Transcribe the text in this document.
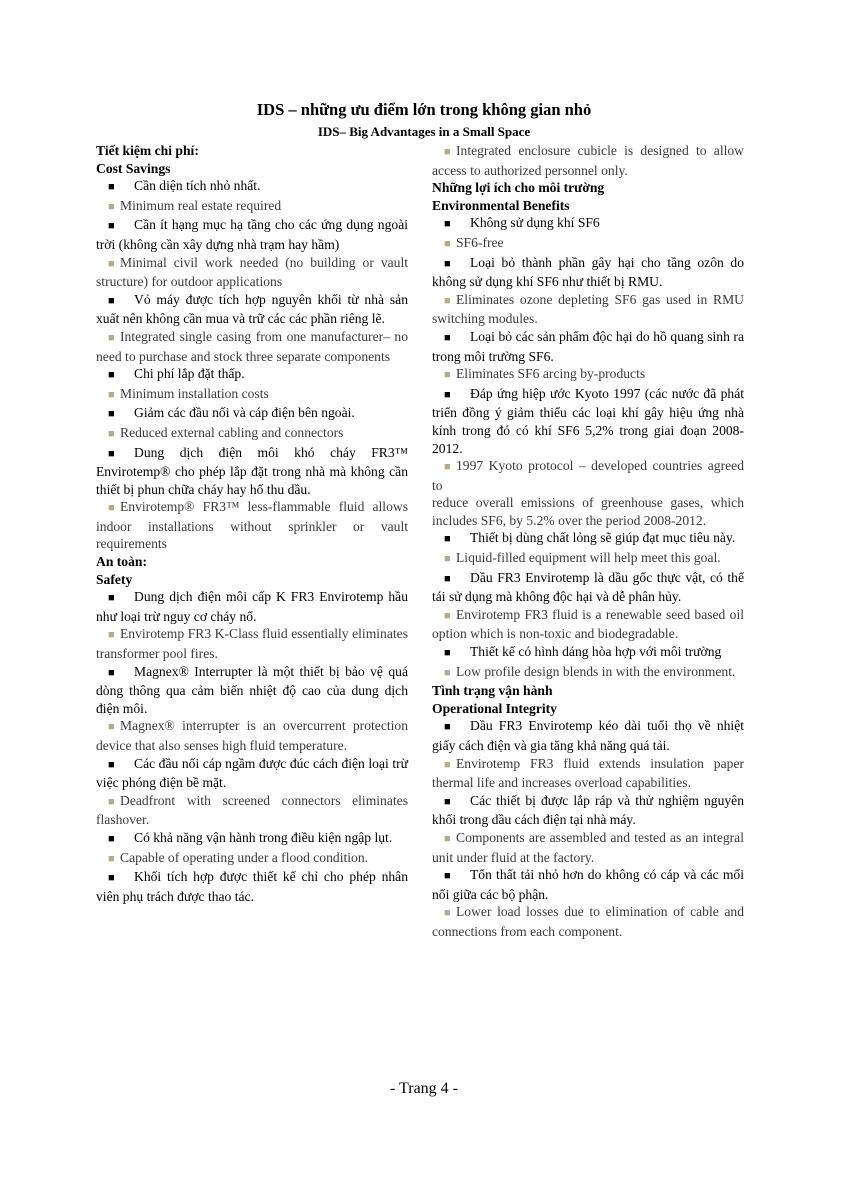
IDS – những ưu điểm lớn trong không gian nhỏ
IDS– Big Advantages in a Small Space

Tiết kiệm chi phí:

Cost Savings

■ Cần diện tích nhỏ nhất.

■ Minimum real estate required

■ Cần ít hạng mục hạ tầng cho các ứng dụng ngoài trời (không cần xây dựng nhà trạm hay hầm)

■ Minimal civil work needed (no building or vault structure) for outdoor applications

■ Vỏ máy được tích hợp nguyên khối từ nhà sản xuất nên không cần mua và trữ các các phần riêng lẽ.

■ Integrated single casing from one manufacturer– no need to purchase and stock three separate components

■ Chi phí lắp đặt thấp.

■ Minimum installation costs

■ Giảm các đầu nối và cáp điện bên ngoài.

■ Reduced external cabling and connectors

■ Dung dịch điện môi khó cháy FR3™ Envirotemp® cho phép lắp đặt trong nhà mà không cần thiết bị phun chữa cháy hay hố thu dầu.

■ Envirotemp® FR3™ less-flammable fluid allows indoor installations without sprinkler or vault requirements

An toàn:

Safety

■ Dung dịch điện môi cấp K FR3 Envirotemp hầu như loại trừ nguy cơ cháy nổ.

■ Envirotemp FR3 K-Class fluid essentially eliminates transformer pool fires.

■ Magnex® Interrupter là một thiết bị bảo vệ quá dòng thông qua cảm biến nhiệt độ cao của dung dịch điện môi.

■ Magnex® interrupter is an overcurrent protection device that also senses high fluid temperature.

■ Các đầu nối cáp ngầm được đúc cách điện loại trừ việc phóng điện bề mặt.

■ Deadfront with screened connectors eliminates flashover.

■ Có khả năng vận hành trong điều kiện ngập lụt.

■ Capable of operating under a flood condition.

■ Khối tích hợp được thiết kế chỉ cho phép nhân viên phụ trách được thao tác.

■ Integrated enclosure cubicle is designed to allow access to authorized personnel only.

Những lợi ích cho môi trường

Environmental Benefits

■ Không sử dụng khí SF6

■ SF6-free

■ Loại bỏ thành phần gây hại cho tầng ozôn do không sử dụng khí SF6 như thiết bị RMU.

■ Eliminates ozone depleting SF6 gas used in RMU switching modules.

■ Loại bỏ các sản phẩm độc hại do hồ quang sinh ra trong môi trường SF6.

■ Eliminates SF6 arcing by-products

■ Đáp ứng hiệp ước Kyoto 1997 (các nước đã phát triển đồng ý giảm thiểu các loại khí gây hiệu ứng nhà kính trong đó có khí SF6 5,2% trong giai đoạn 2008-2012.

■ 1997 Kyoto protocol – developed countries agreed to

reduce overall emissions of greenhouse gases, which includes SF6, by 5.2% over the period 2008-2012.

■ Thiết bị dùng chất lỏng sẽ giúp đạt mục tiêu này.

■ Liquid-filled equipment will help meet this goal.

■ Dầu FR3 Envirotemp là dầu gốc thực vật, có thể tái sử dụng mà không độc hại và dễ phân hủy.

■ Envirotemp FR3 fluid is a renewable seed based oil option which is non-toxic and biodegradable.

■ Thiết kế có hình dáng hòa hợp với môi trường

■ Low profile design blends in with the environment.

Tình trạng vận hành

Operational Integrity

■ Dầu FR3 Envirotemp kéo dài tuổi thọ về nhiệt giấy cách điện và gia tăng khả năng quá tải.

■ Envirotemp FR3 fluid extends insulation paper thermal life and increases overload capabilities.

■ Các thiết bị được lắp ráp và thử nghiệm nguyên khối trong dầu cách điện tại nhà máy.

■ Components are assembled and tested as an integral unit under fluid at the factory.

■ Tổn thất tải nhỏ hơn do không có cáp và các mối nối giữa các bộ phận.

■ Lower load losses due to elimination of cable and connections from each component.

- Trang 4 -
